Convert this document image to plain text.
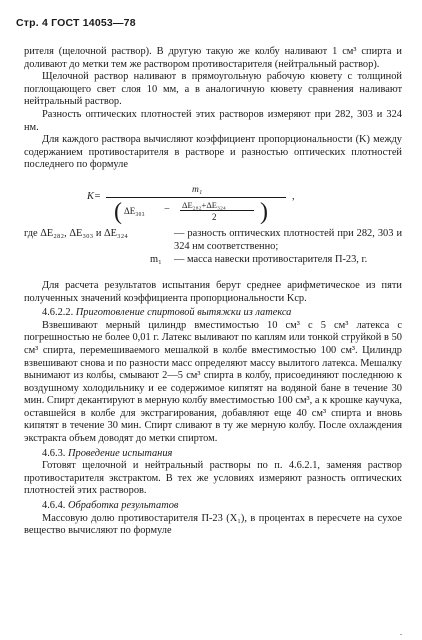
Стр. 4 ГОСТ 14053—78

рителя (щелочной раствор). В другую такую же колбу наливают 1 см³ спирта и доливают до метки тем же раствором противостарителя (нейтральный раствор).

Щелочной раствор наливают в прямоугольную рабочую кювету с толщиной поглощающего свет слоя 10 мм, а в аналогичную кювету сравнения наливают нейтральный раствор.

Разность оптических плотностей этих растворов измеряют при 282, 303 и 324 нм.

Для каждого раствора вычисляют коэффициент пропорциональности (K) между содержанием противостарителя в растворе и разностью оптических плотностей последнего по формуле

K=
m₁
( ΔE₃₀₃ − ΔE₂₈₂+ΔE₃₂₄
2 )
,
где ΔE₂₈₂, ΔE₃₀₃ и ΔE₃₂₄	— разность оптических плотностей при 282, 303 и 324 нм соответственно;
m₁ — масса навески противостарителя П-23, г.

Для расчета результатов испытания берут среднее арифметическое из пяти полученных значений коэффициента пропорциональности Kср.

4.6.2.2. Приготовление спиртовой вытяжки из латекса

Взвешивают мерный цилиндр вместимостью 10 см³ с 5 см³ латекса с погрешностью не более 0,01 г. Латекс выливают по каплям или тонкой струйкой в 50 см³ спирта, перемешиваемого мешалкой в колбе вместимостью 100 см³. Цилиндр взвешивают снова и по разности масс определяют массу вылитого латекса. Мешалку вынимают из колбы, смывают 2—5 см³ спирта в колбу, присоединяют последнюю к воздушному холодильнику и ее содержимое кипятят на водяной бане в течение 30 мин. Спирт декантируют в мерную колбу вместимостью 100 см³, а к крошке каучука, оставшейся в колбе для экстрагирования, добавляют еще 40 см³ спирта и вновь кипятят в течение 30 мин. Спирт сливают в ту же мерную колбу. После охлаждения экстракта объем доводят до метки спиртом.

4.6.3. Проведение испытания

Готовят щелочной и нейтральный растворы по п. 4.6.2.1, заменяя раствор противостарителя экстрактом. В тех же условиях измеряют разность оптических плотностей этих растворов.

4.6.4. Обработка результатов

Массовую долю противостарителя П-23 (X₁), в процентах в пересчете на сухое вещество вычисляют по формуле

.
